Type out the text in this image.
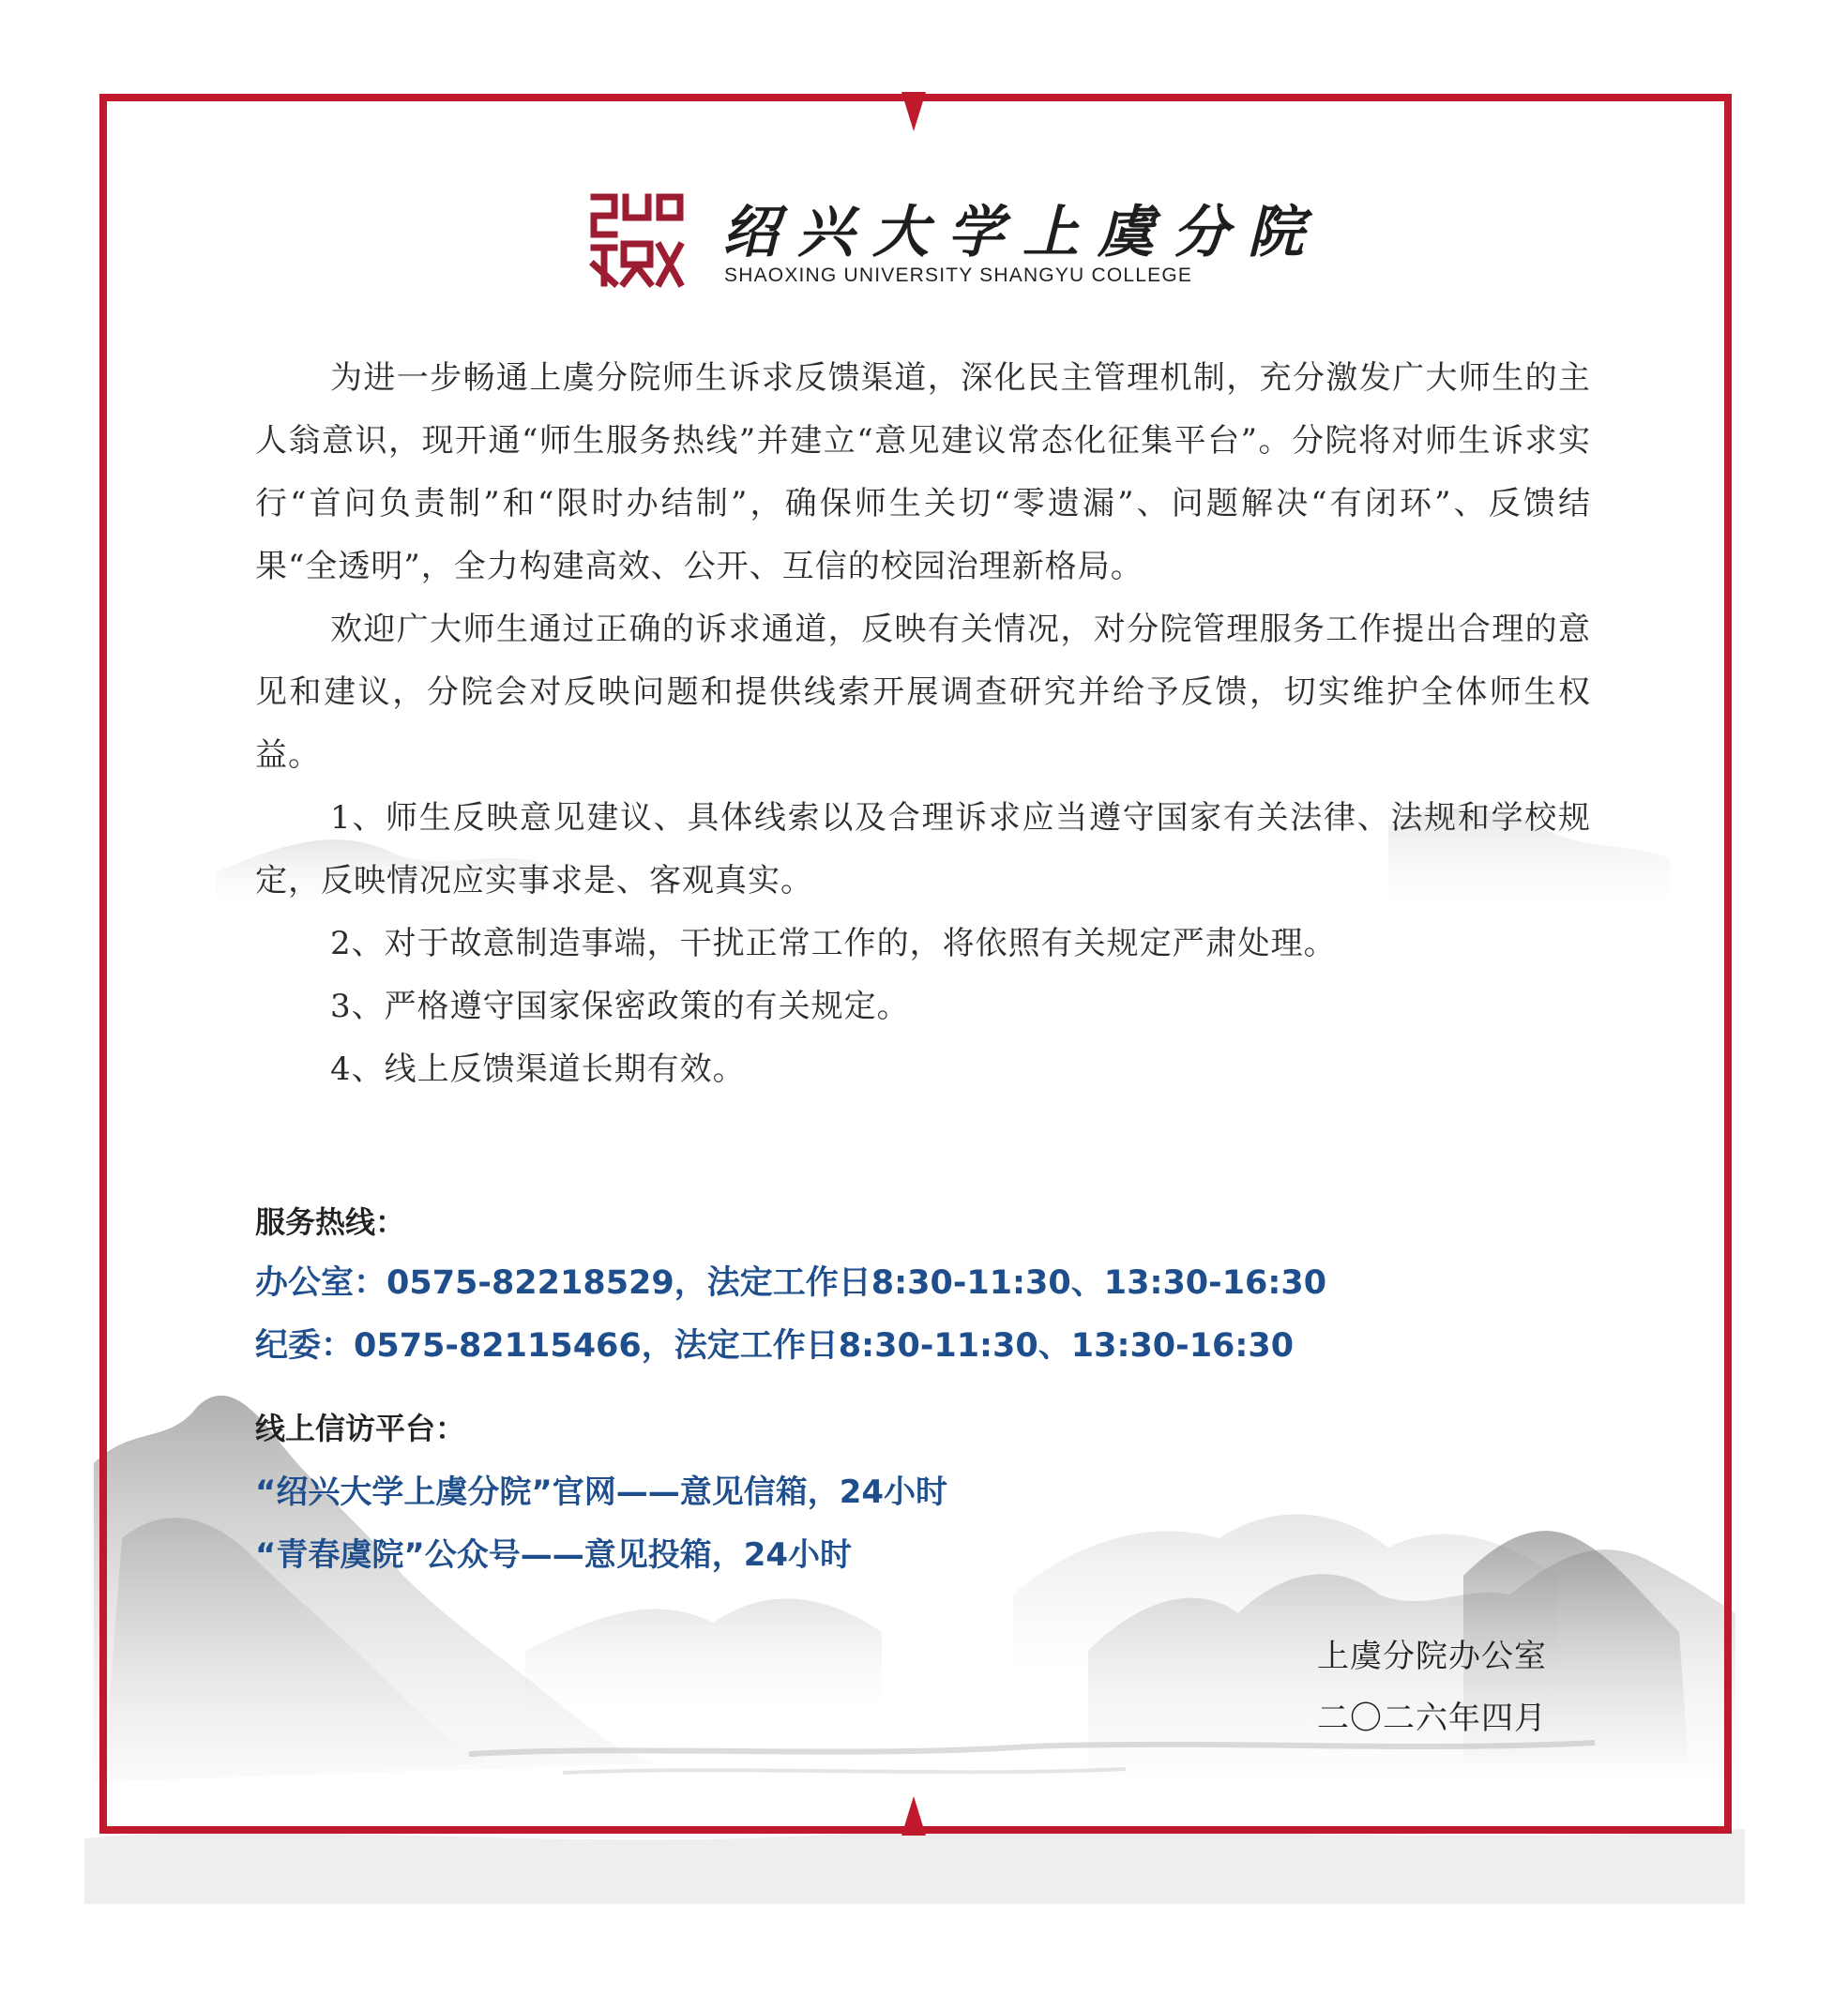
绍兴大学上虞分院
SHAOXING UNIVERSITY SHANGYU COLLEGE

为进一步畅通上虞分院师生诉求反馈渠道，深化民主管理机制，充分激发广大师生的主人翁意识，现开通“师生服务热线”并建立“意见建议常态化征集平台”。分院将对师生诉求实行“首问负责制”和“限时办结制”，确保师生关切“零遗漏”、问题解决“有闭环”、反馈结果“全透明”，全力构建高效、公开、互信的校园治理新格局。

欢迎广大师生通过正确的诉求通道，反映有关情况，对分院管理服务工作提出合理的意见和建议，分院会对反映问题和提供线索开展调查研究并给予反馈，切实维护全体师生权益。

1、师生反映意见建议、具体线索以及合理诉求应当遵守国家有关法律、法规和学校规定，反映情况应实事求是、客观真实。

2、对于故意制造事端，干扰正常工作的，将依照有关规定严肃处理。

3、严格遵守国家保密政策的有关规定。

4、线上反馈渠道长期有效。

服务热线：
办公室：0575-82218529，法定工作日8:30-11:30、13:30-16:30
纪委：0575-82115466，法定工作日8:30-11:30、13:30-16:30
线上信访平台：
“绍兴大学上虞分院”官网——意见信箱，24小时
“青春虞院”公众号——意见投箱，24小时
上虞分院办公室
二〇二六年四月
